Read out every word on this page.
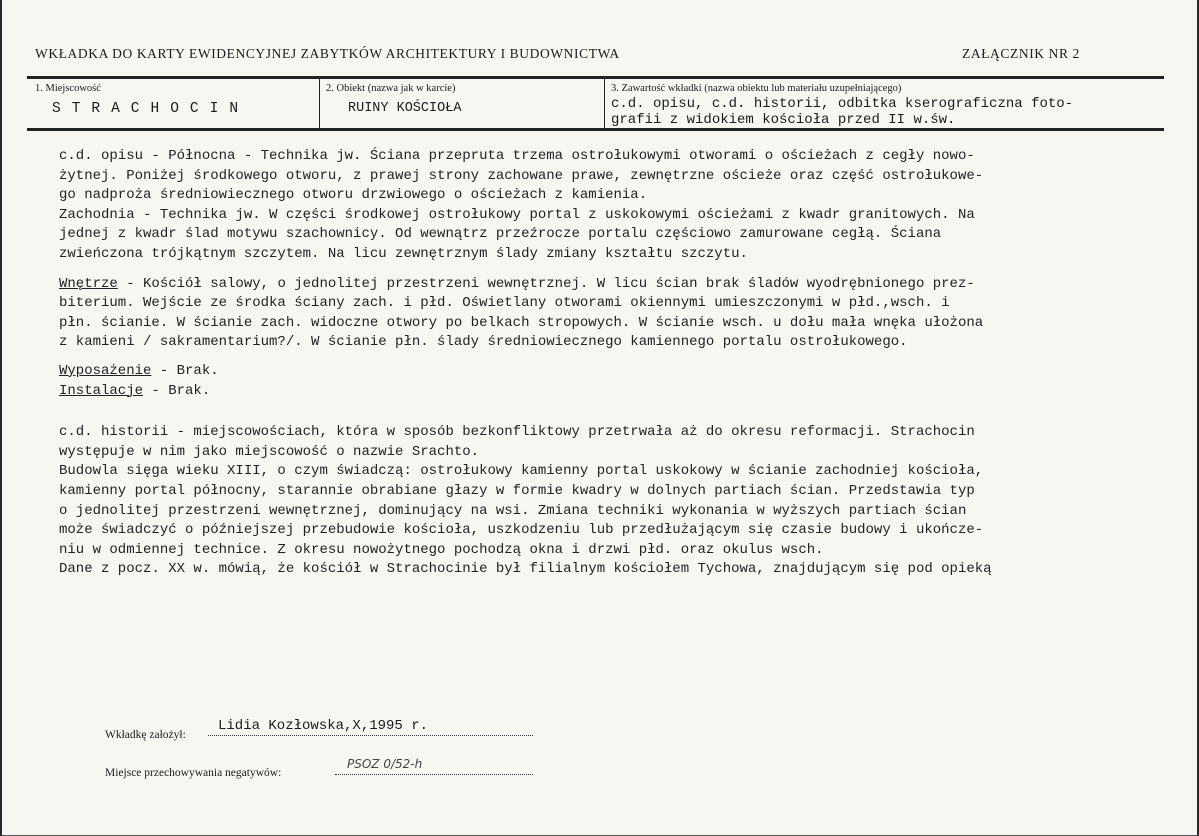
WKŁADKA DO KARTY EWIDENCYJNEJ ZABYTKÓW ARCHITEKTURY I BUDOWNICTWA	ZAŁĄCZNIK NR 2
1. Miejscowość
STRACHOCIN
2. Obiekt (nazwa jak w karcie)
RUINY KOŚCIOŁA
3. Zawartość wkładki (nazwa obiektu lub materiału uzupełniającego)
c.d. opisu, c.d. historii, odbitka kserograficzna foto-
grafii z widokiem kościoła przed II w.św.
c.d. opisu - Północna - Technika jw. Ściana przepruta trzema ostrołukowymi otworami o ościeżach z cegły nowo-
żytnej. Poniżej środkowego otworu, z prawej strony zachowane prawe, zewnętrzne ościeże oraz część ostrołukowe-
go nadproża średniowiecznego otworu drzwiowego o ościeżach z kamienia.
Zachodnia - Technika jw. W części środkowej ostrołukowy portal z uskokowymi ościeżami z kwadr granitowych. Na
jednej z kwadr ślad motywu szachownicy. Od wewnątrz przeźrocze portalu częściowo zamurowane cegłą. Ściana
zwieńczona trójkątnym szczytem. Na licu zewnętrznym ślady zmiany kształtu szczytu.
Wnętrze - Kościół salowy, o jednolitej przestrzeni wewnętrznej. W licu ścian brak śladów wyodrębnionego prez-
biterium. Wejście ze środka ściany zach. i płd. Oświetlany otworami okiennymi umieszczonymi w płd.,wsch. i
płn. ścianie. W ścianie zach. widoczne otwory po belkach stropowych. W ścianie wsch. u dołu mała wnęka ułożona
z kamieni / sakramentarium?/. W ścianie płn. ślady średniowiecznego kamiennego portalu ostrołukowego.
Wyposażenie - Brak.
Instalacje - Brak.
c.d. historii - miejscowościach, która w sposób bezkonfliktowy przetrwała aż do okresu reformacji. Strachocin
występuje w nim jako miejscowość o nazwie Srachto.
Budowla sięga wieku XIII, o czym świadczą: ostrołukowy kamienny portal uskokowy w ścianie zachodniej kościoła,
kamienny portal północny, starannie obrabiane głazy w formie kwadry w dolnych partiach ścian. Przedstawia typ
o jednolitej przestrzeni wewnętrznej, dominujący na wsi. Zmiana techniki wykonania w wyższych partiach ścian
może świadczyć o późniejszej przebudowie kościoła, uszkodzeniu lub przedłużającym się czasie budowy i ukończe-
niu w odmiennej technice. Z okresu nowożytnego pochodzą okna i drzwi płd. oraz okulus wsch.
Dane z pocz. XX w. mówią, że kościół w Strachocinie był filialnym kościołem Tychowa, znajdującym się pod opieką
Wkładkę założył:
Lidia Kozłowska,X,1995 r.
Miejsce przechowywania negatywów:
PSOZ 0/52-h
